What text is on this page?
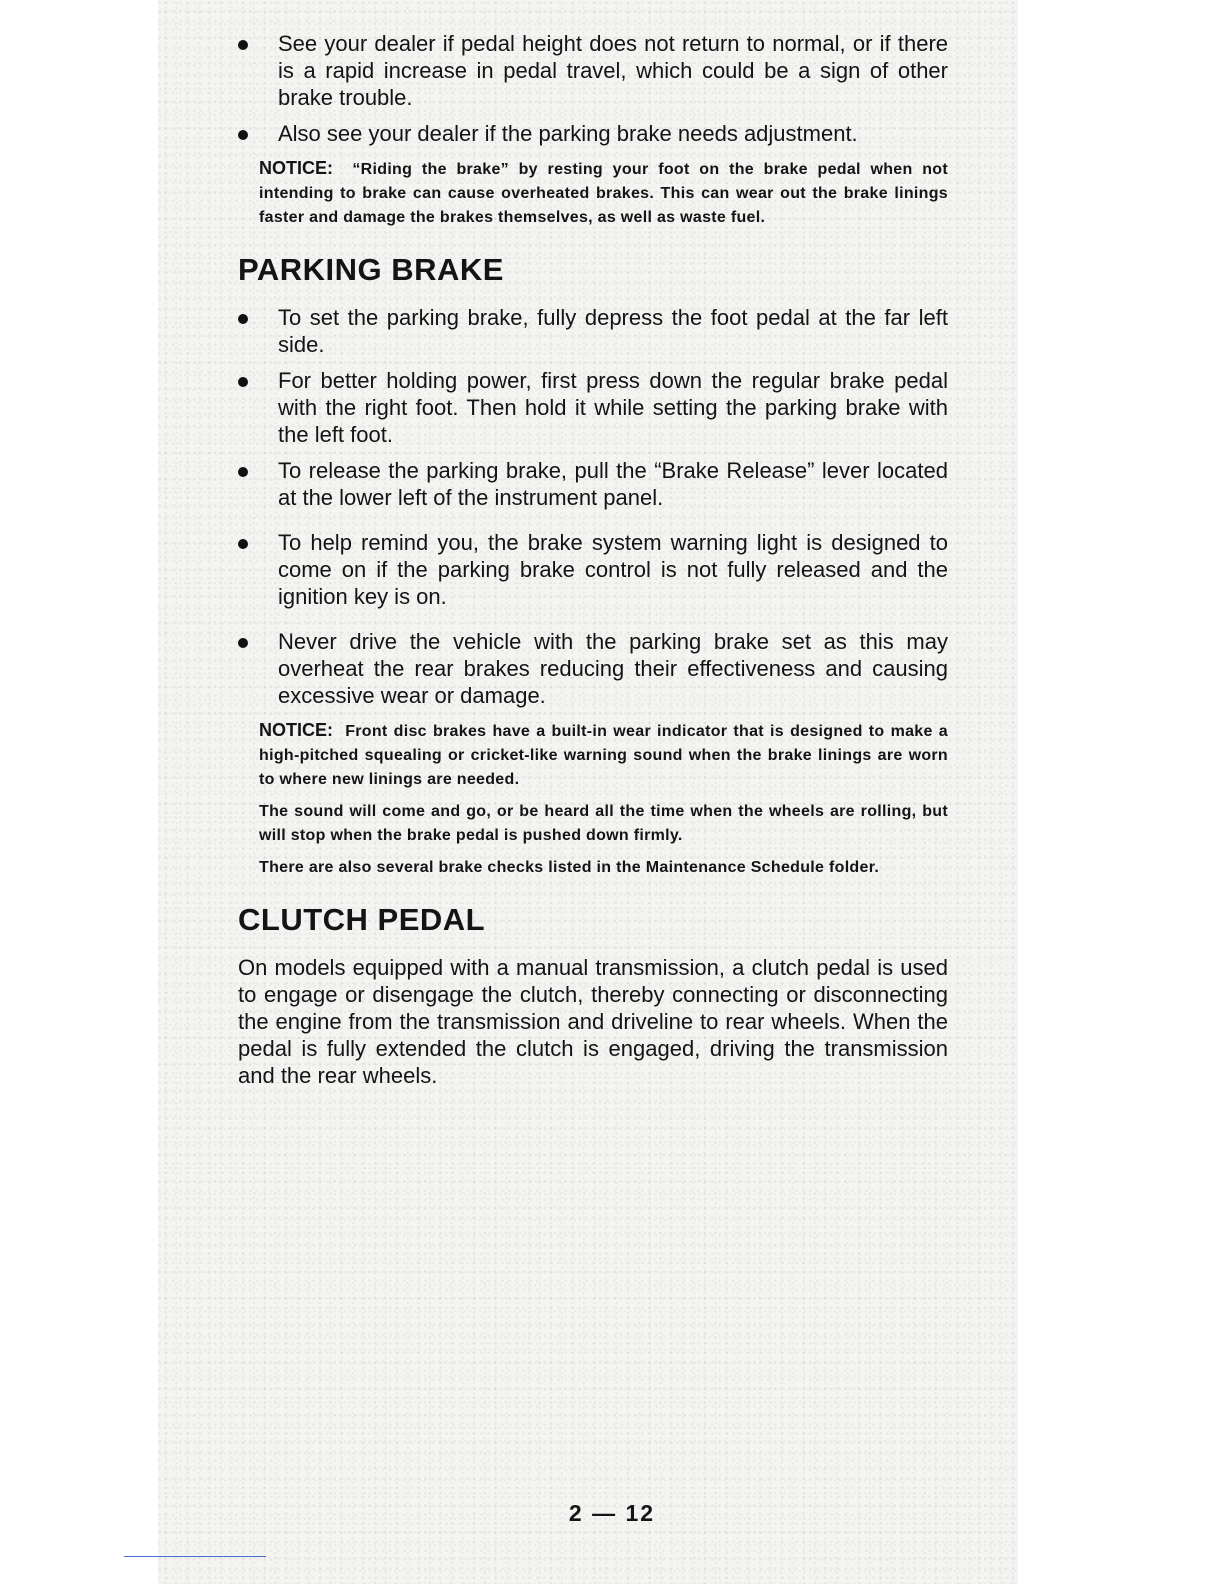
See your dealer if pedal height does not return to normal, or if there is a rapid increase in pedal travel, which could be a sign of other brake trouble.
Also see your dealer if the parking brake needs adjustment.

NOTICE: “Riding the brake” by resting your foot on the brake pedal when not intending to brake can cause overheated brakes. This can wear out the brake linings faster and damage the brakes themselves, as well as waste fuel.

PARKING BRAKE
To set the parking brake, fully depress the foot pedal at the far left side.
For better holding power, first press down the regular brake pedal with the right foot. Then hold it while setting the parking brake with the left foot.
To release the parking brake, pull the “Brake Release” lever located at the lower left of the instrument panel.
To help remind you, the brake system warning light is designed to come on if the parking brake control is not fully released and the ignition key is on.
Never drive the vehicle with the parking brake set as this may overheat the rear brakes reducing their effectiveness and causing excessive wear or damage.

NOTICE: Front disc brakes have a built-in wear indicator that is designed to make a high-pitched squealing or cricket-like warning sound when the brake linings are worn to where new linings are needed.

The sound will come and go, or be heard all the time when the wheels are rolling, but will stop when the brake pedal is pushed down firmly.

There are also several brake checks listed in the Maintenance Schedule folder.

CLUTCH PEDAL

On models equipped with a manual transmission, a clutch pedal is used to engage or disengage the clutch, thereby connecting or disconnecting the engine from the transmission and driveline to rear wheels. When the pedal is fully extended the clutch is engaged, driving the transmission and the rear wheels.

2 — 12
